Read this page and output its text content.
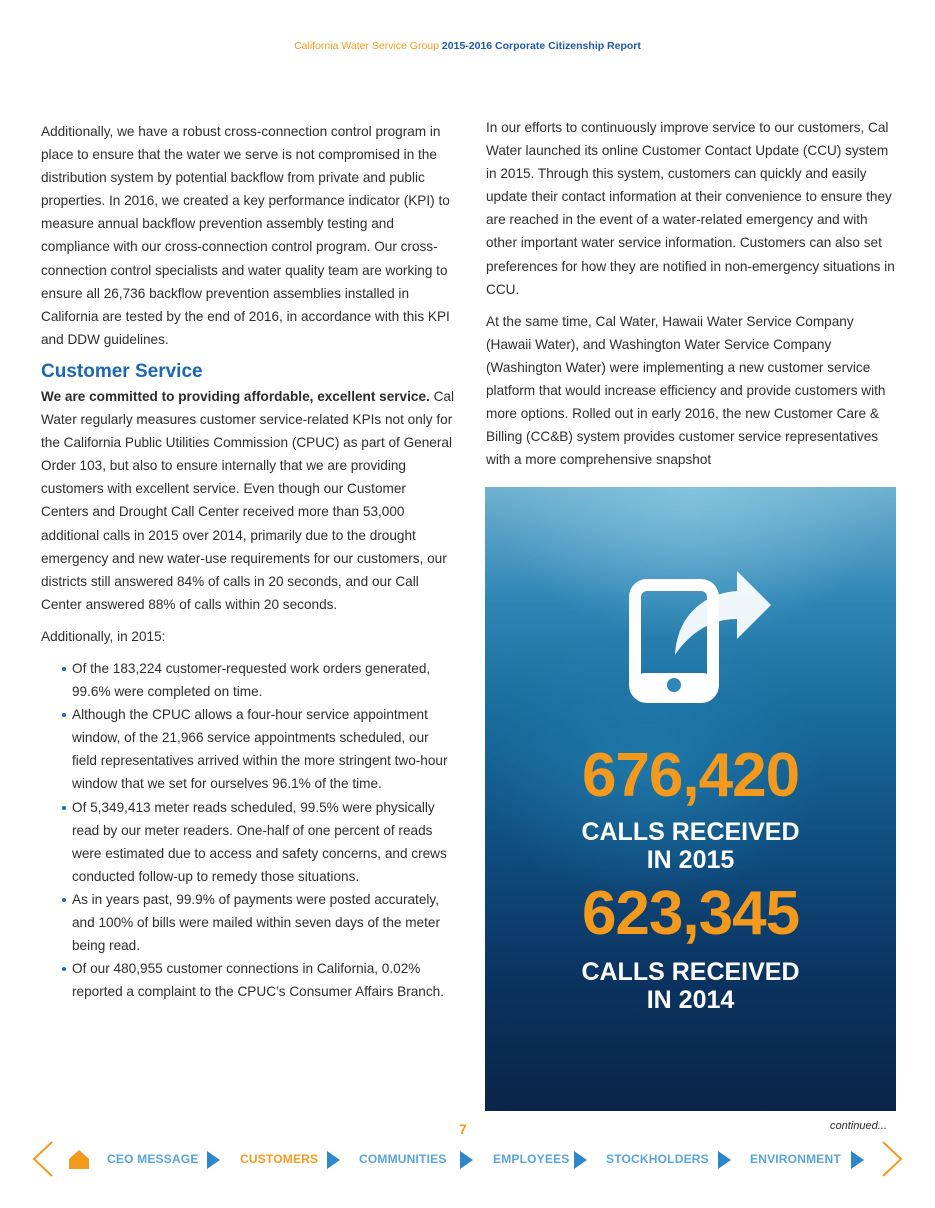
California Water Service Group 2015-2016 Corporate Citizenship Report

Additionally, we have a robust cross-connection control program in place to ensure that the water we serve is not compromised in the distribution system by potential backflow from private and public properties. In 2016, we created a key performance indicator (KPI) to measure annual backflow prevention assembly testing and compliance with our cross-connection control program. Our cross-connection control specialists and water quality team are working to ensure all 26,736 backflow prevention assemblies installed in California are tested by the end of 2016, in accordance with this KPI and DDW guidelines.

Customer Service

We are committed to providing affordable, excellent service. Cal Water regularly measures customer service-related KPIs not only for the California Public Utilities Commission (CPUC) as part of General Order 103, but also to ensure internally that we are providing customers with excellent service. Even though our Customer Centers and Drought Call Center received more than 53,000 additional calls in 2015 over 2014, primarily due to the drought emergency and new water-use requirements for our customers, our districts still answered 84% of calls in 20 seconds, and our Call Center answered 88% of calls within 20 seconds.

Additionally, in 2015:

Of the 183,224 customer-requested work orders generated, 99.6% were completed on time.
Although the CPUC allows a four-hour service appointment window, of the 21,966 service appointments scheduled, our field representatives arrived within the more stringent two-hour window that we set for ourselves 96.1% of the time.
Of 5,349,413 meter reads scheduled, 99.5% were physically read by our meter readers. One-half of one percent of reads were estimated due to access and safety concerns, and crews conducted follow-up to remedy those situations.
As in years past, 99.9% of payments were posted accurately, and 100% of bills were mailed within seven days of the meter being read.
Of our 480,955 customer connections in California, 0.02% reported a complaint to the CPUC’s Consumer Affairs Branch.

In our efforts to continuously improve service to our customers, Cal Water launched its online Customer Contact Update (CCU) system in 2015. Through this system, customers can quickly and easily update their contact information at their convenience to ensure they are reached in the event of a water-related emergency and with other important water service information. Customers can also set preferences for how they are notified in non-emergency situations in CCU.

At the same time, Cal Water, Hawaii Water Service Company (Hawaii Water), and Washington Water Service Company (Washington Water) were implementing a new customer service platform that would increase efficiency and provide customers with more options. Rolled out in early 2016, the new Customer Care & Billing (CC&B) system provides customer service representatives with a more comprehensive snapshot

676,420
CALLS RECEIVED
IN 2015
623,345
CALLS RECEIVED
IN 2014
7	continued...
CEO MESSAGE	CUSTOMERS	COMMUNITIES	EMPLOYEES	STOCKHOLDERS	ENVIRONMENT
